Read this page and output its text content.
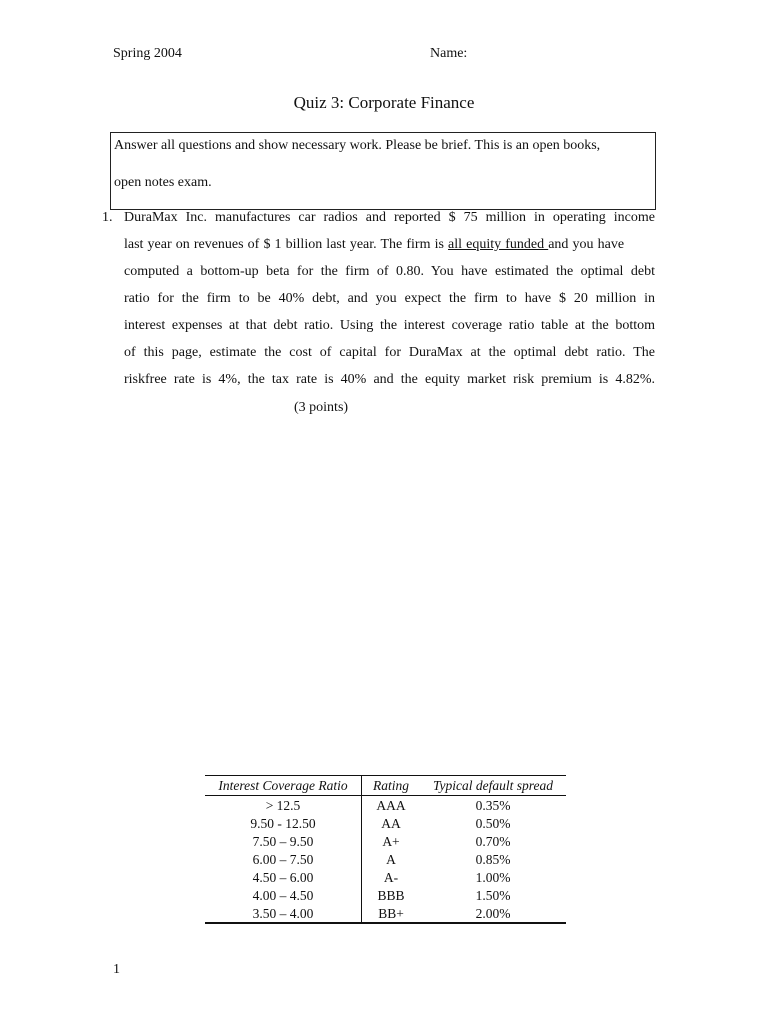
Spring 2004	Name:
Quiz 3: Corporate Finance
Answer all questions and show necessary work. Please be brief. This is an open books,
open notes exam.
1. DuraMax Inc. manufactures car radios and reported $ 75 million in operating income
last year on revenues of $ 1 billion last year. The firm is all equity funded and you have
computed a bottom-up beta for the firm of 0.80. You have estimated the optimal debt
ratio for the firm to be 40% debt, and you expect the firm to have $ 20 million in
interest expenses at that debt ratio. Using the interest coverage ratio table at the bottom
of this page, estimate the cost of capital for DuraMax at the optimal debt ratio. The
riskfree rate is 4%, the tax rate is 40% and the equity market risk premium is 4.82%.
(3 points)
Interest Coverage Ratio	Rating	Typical default spread
> 12.5	AAA	0.35%
9.50 - 12.50	AA	0.50%
7.50 – 9.50	A+	0.70%
6.00 – 7.50	A	0.85%
4.50 – 6.00	A-	1.00%
4.00 – 4.50	BBB	1.50%
3.50 – 4.00	BB+	2.00%
1
